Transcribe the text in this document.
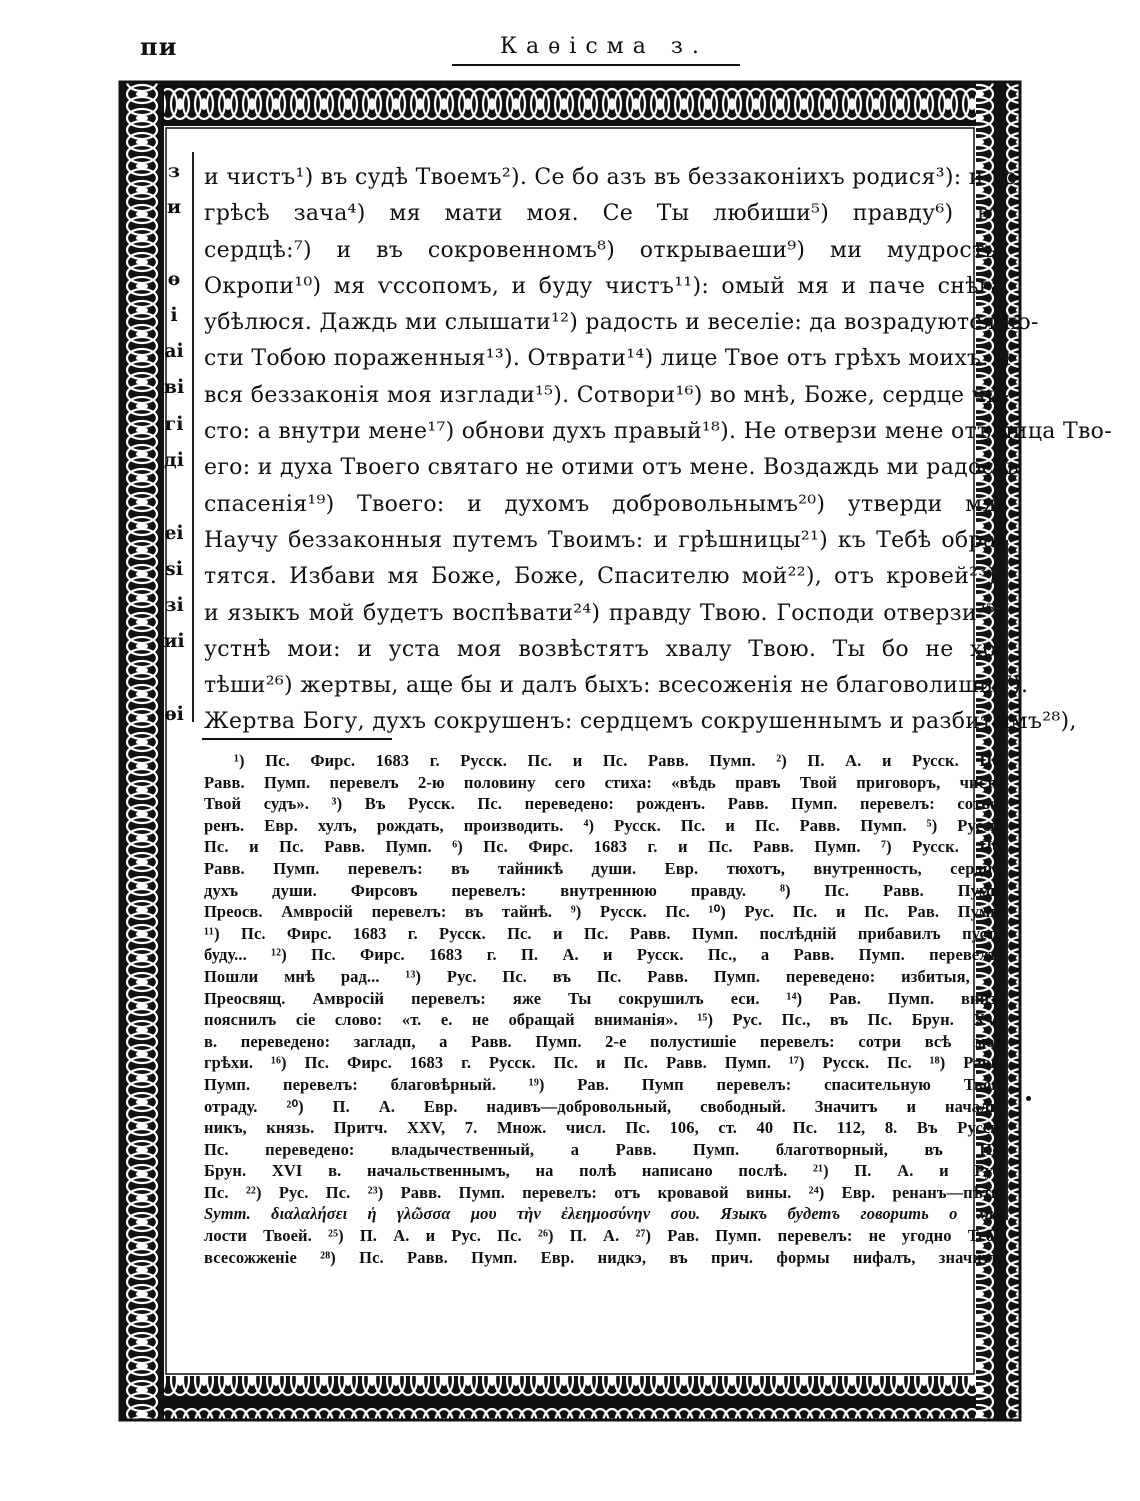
пи	Каѳісма з.
з
и
ѳ
і
аі
ві
гі
ді
еі
ѕі
зі
иі
ѳі
и чистъ¹) въ судѣ Твоемъ²). Се бо азъ въ беззаконіихъ родися³): и во
грѣсѣ зача⁴) мя мати моя. Се Ты любиши⁵) правду⁶) въ
сердцѣ:⁷) и въ сокровенномъ⁸) открываеши⁹) ми мудрость.
Окропи¹⁰) мя ѵссопомъ, и буду чистъ¹¹): омый мя и паче снѣга
убѣлюся. Даждь ми слышати¹²) радость и веселіе: да возрадуются ко-
сти Тобою пораженныя¹³). Отврати¹⁴) лице Твое отъ грѣхъ моихъ: и
вся беззаконія моя изглади¹⁵). Сотвори¹⁶) во мнѣ, Боже, сердце чи-
сто: а внутри мене¹⁷) обнови духъ правый¹⁸). Не отверзи мене отъ лица Тво-
его: и духа Твоего святаго не отими отъ мене. Воздаждь ми радость
спасенія¹⁹) Твоего: и духомъ добровольнымъ²⁰) утверди мя.
Научу беззаконныя путемъ Твоимъ: и грѣшницы²¹) къ Тебѣ обра-
тятся. Избави мя Боже, Боже, Спасителю мой²²), отъ кровей²³):
и языкъ мой будетъ воспѣвати²⁴) правду Твою. Господи отверзи²⁵)
устнѣ мои: и уста моя возвѣстятъ хвалу Твою. Ты бо не хо-
тѣши²⁶) жертвы, аще бы и далъ быхъ: всесоженія не благоволиши²⁷).
Жертва Богу, духъ сокрушенъ: сердцемъ сокрушеннымъ и разбитымъ²⁸),
¹) Пс. Фирс. 1683 г. Русск. Пс. и Пс. Равв. Пумп. ²) П. А. и Русск. Пс.
Равв. Пумп. перевелъ 2-ю половину сего стиха: «вѣдь правъ Твой приговоръ, чистъ
Твой судъ». ³) Въ Русск. Пс. переведено: рожденъ. Равв. Пумп. перевелъ: сотво-
ренъ. Евр. хулъ, рождать, производить. ⁴) Русск. Пс. и Пс. Равв. Пумп. ⁵) Русск.
Пс. и Пс. Равв. Пумп. ⁶) Пс. Фирс. 1683 г. и Пс. Равв. Пумп. ⁷) Русск. Пс.
Равв. Пумп. перевелъ: въ тайникѣ души. Евр. тюхотъ, внутренность, сердце,
духъ души. Фирсовъ перевелъ: внутреннюю правду. ⁸) Пс. Равв. Пумп.
Преосв. Амвросій перевелъ: въ тайнѣ. ⁹) Русск. Пс. ¹⁰) Рус. Пс. и Пс. Рав. Пумп.
¹¹) Пс. Фирс. 1683 г. Русск. Пс. и Пс. Равв. Пумп. послѣдній прибавилъ пусть
буду... ¹²) Пс. Фирс. 1683 г. П. А. и Русск. Пс., а Равв. Пумп. перевелъ:
Пошли мнѣ рад... ¹³) Рус. Пс. въ Пс. Равв. Пумп. переведено: избитыя, а
Преосвящ. Амвросій перевелъ: яже Ты сокрушилъ еси. ¹⁴) Рав. Пумп. внизу
пояснилъ сіе слово: «т. е. не обращай вниманія». ¹⁵) Рус. Пс., въ Пс. Брун. XVI
в. переведено: загладп, а Равв. Пумп. 2-е полустишіе перевелъ: сотри всѣ мои
грѣхи. ¹⁶) Пс. Фирс. 1683 г. Русск. Пс. и Пс. Равв. Пумп. ¹⁷) Русск. Пс. ¹⁸) Равв.
Пумп. перевелъ: благовѣрный. ¹⁹) Рав. Пумп перевелъ: спасительную Твою
отраду. ²⁰) П. А. Евр. надивъ—добровольный, свободный. Значитъ и началь-
никъ, князь. Притч. XXV, 7. Множ. числ. Пс. 106, ст. 40 Пс. 112, 8. Въ Русск.
Пс. переведено: владычественный, а Равв. Пумп. благотворный, въ Пс.
Брун. XVI в. начальственнымъ, на полѣ написано послѣ. ²¹) П. А. и Рус.
Пс. ²²) Рус. Пс. ²³) Равв. Пумп. перевелъ: отъ кровавой вины. ²⁴) Евр. ренанъ—пѣть.
Symm. διαλαλήσει ἡ γλῶσσα μου τὴν ἐλεημοσύνην σου. Языкъ будетъ говорить о ми-
лости Твоей. ²⁵) П. А. и Рус. Пс. ²⁶) П. А. ²⁷) Рав. Пумп. перевелъ: не угодно Тебѣ
всесожженіе ²⁸) Пс. Равв. Пумп. Евр. нидкэ, въ прич. формы нифалъ, значитъ,
